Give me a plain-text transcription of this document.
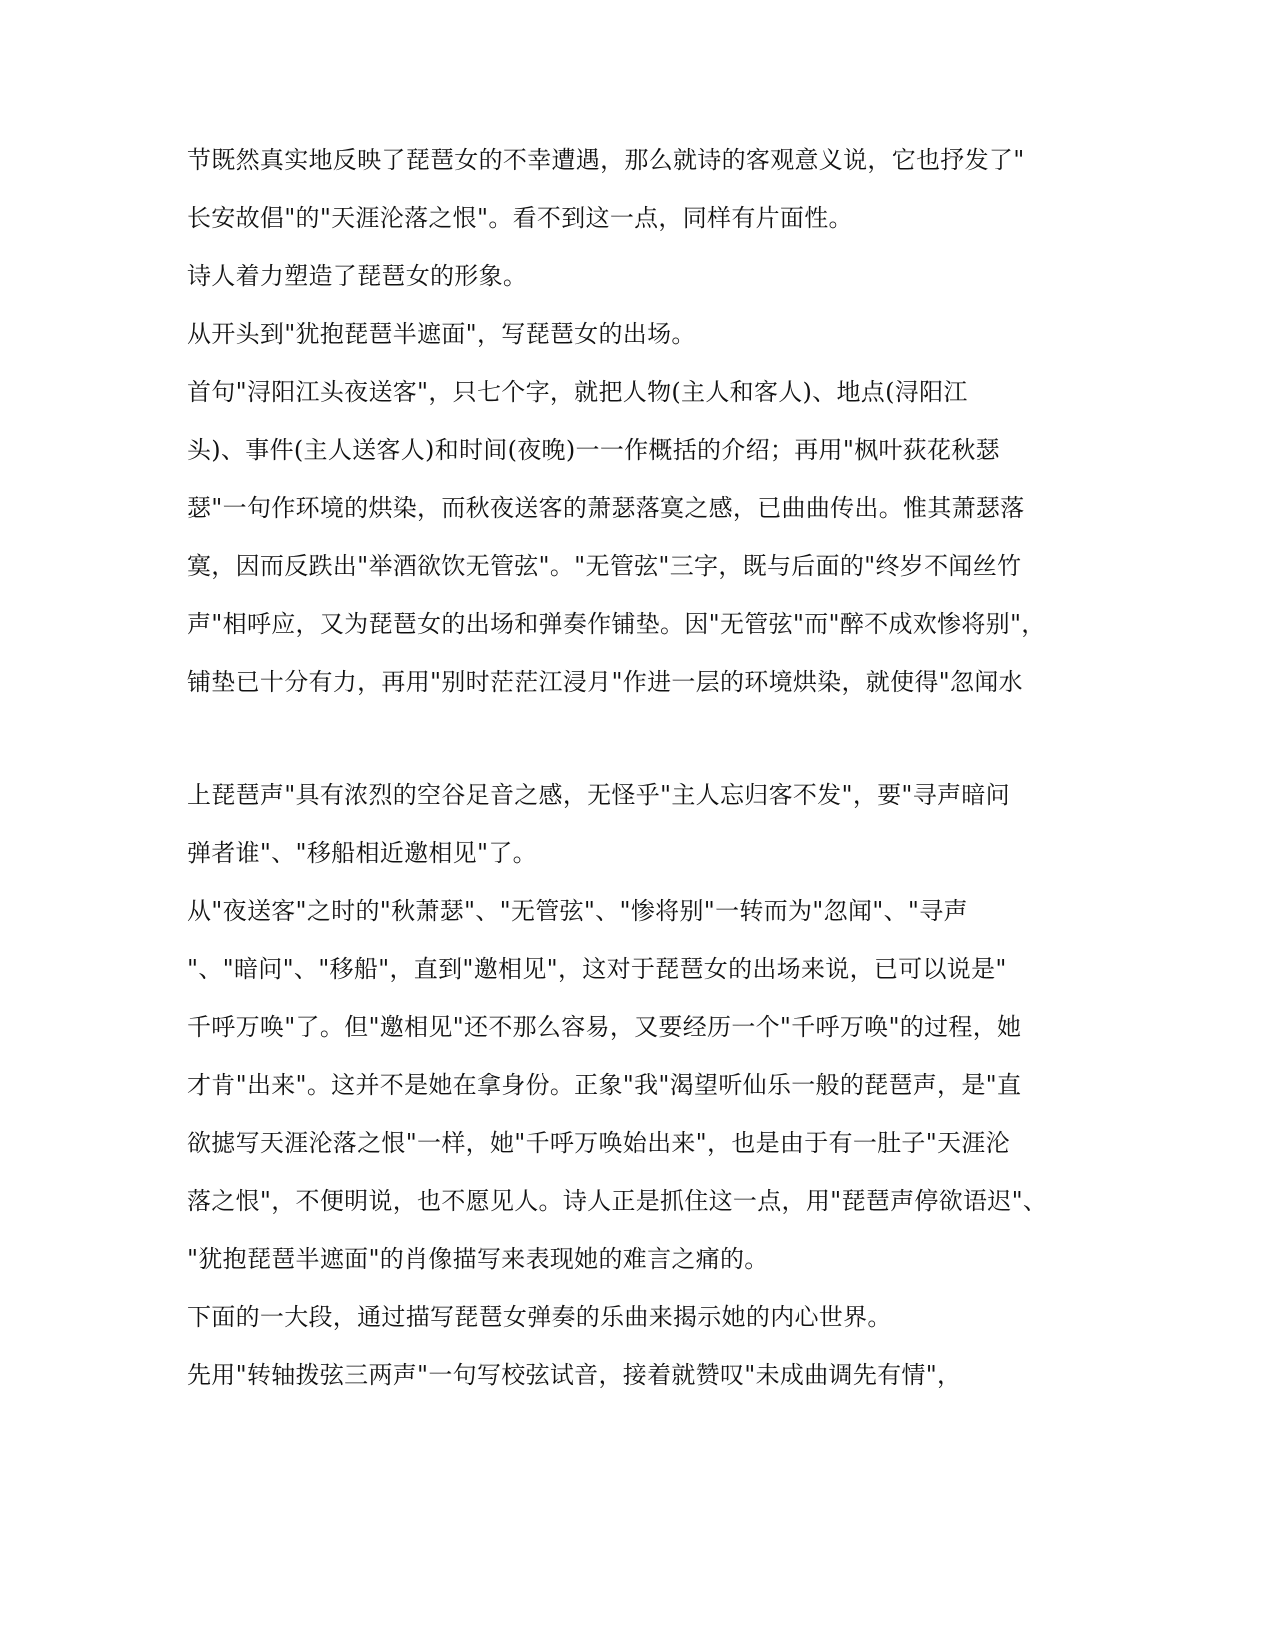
节既然真实地反映了琵琶女的不幸遭遇，那么就诗的客观意义说，它也抒发了"
长安故倡"的"天涯沦落之恨"。看不到这一点，同样有片面性。
诗人着力塑造了琵琶女的形象。
从开头到"犹抱琵琶半遮面"，写琵琶女的出场。
首句"浔阳江头夜送客"，只七个字，就把人物(主人和客人)、地点(浔阳江
头)、事件(主人送客人)和时间(夜晚)一一作概括的介绍；再用"枫叶荻花秋瑟
瑟"一句作环境的烘染，而秋夜送客的萧瑟落寞之感，已曲曲传出。惟其萧瑟落
寞，因而反跌出"举酒欲饮无管弦"。"无管弦"三字，既与后面的"终岁不闻丝竹
声"相呼应，又为琵琶女的出场和弹奏作铺垫。因"无管弦"而"醉不成欢惨将别"，
铺垫已十分有力，再用"别时茫茫江浸月"作进一层的环境烘染，就使得"忽闻水
上琵琶声"具有浓烈的空谷足音之感，无怪乎"主人忘归客不发"，要"寻声暗问
弹者谁"、"移船相近邀相见"了。
从"夜送客"之时的"秋萧瑟"、"无管弦"、"惨将别"一转而为"忽闻"、"寻声
"、"暗问"、"移船"，直到"邀相见"，这对于琵琶女的出场来说，已可以说是"
千呼万唤"了。但"邀相见"还不那么容易，又要经历一个"千呼万唤"的过程，她
才肯"出来"。这并不是她在拿身份。正象"我"渴望听仙乐一般的琵琶声，是"直
欲摅写天涯沦落之恨"一样，她"千呼万唤始出来"，也是由于有一肚子"天涯沦
落之恨"，不便明说，也不愿见人。诗人正是抓住这一点，用"琵琶声停欲语迟"、
"犹抱琵琶半遮面"的肖像描写来表现她的难言之痛的。
下面的一大段，通过描写琵琶女弹奏的乐曲来揭示她的内心世界。
先用"转轴拨弦三两声"一句写校弦试音，接着就赞叹"未成曲调先有情"，
